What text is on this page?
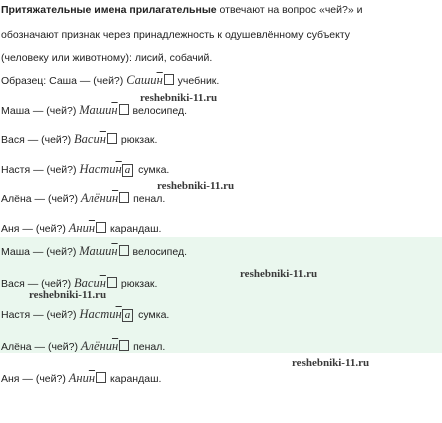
Притяжательные имена прилагательные отвечают на вопрос «чей?» и
обозначают признак через принадлежность к одушевлённому субъекту
(человеку или животному): лисий, собачий.
Образец: Саша — (чей?) Сашин учебник.
Маша — (чей?) Машин велосипед.
Вася — (чей?) Васин рюкзак.
Настя — (чей?) Настин а сумка.
Алёна — (чей?) Алёнин пенал.
Аня — (чей?) Анин карандаш.
Маша — (чей?) Машин велосипед.
Вася — (чей?) Васин рюкзак.
Настя — (чей?) Настин а сумка.
Алёна — (чей?) Алёнин пенал.
Аня — (чей?) Анин карандаш.
reshebniki-11.ru
reshebniki-11.ru
reshebniki-11.ru
reshebniki-11.ru
reshebniki-11.ru
